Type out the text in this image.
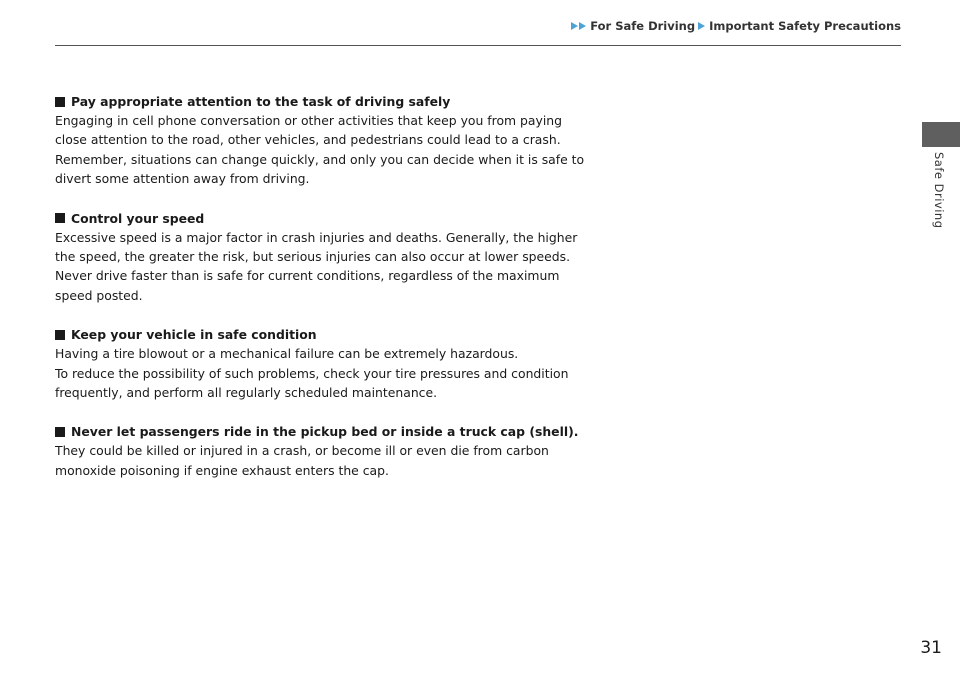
For Safe Driving Important Safety Precautions
Safe Driving
Pay appropriate attention to the task of driving safely

Engaging in cell phone conversation or other activities that keep you from paying

close attention to the road, other vehicles, and pedestrians could lead to a crash.

Remember, situations can change quickly, and only you can decide when it is safe to

divert some attention away from driving.

Control your speed

Excessive speed is a major factor in crash injuries and deaths. Generally, the higher

the speed, the greater the risk, but serious injuries can also occur at lower speeds.

Never drive faster than is safe for current conditions, regardless of the maximum

speed posted.

Keep your vehicle in safe condition

Having a tire blowout or a mechanical failure can be extremely hazardous.

To reduce the possibility of such problems, check your tire pressures and condition

frequently, and perform all regularly scheduled maintenance.

Never let passengers ride in the pickup bed or inside a truck cap (shell).

They could be killed or injured in a crash, or become ill or even die from carbon

monoxide poisoning if engine exhaust enters the cap.

31
